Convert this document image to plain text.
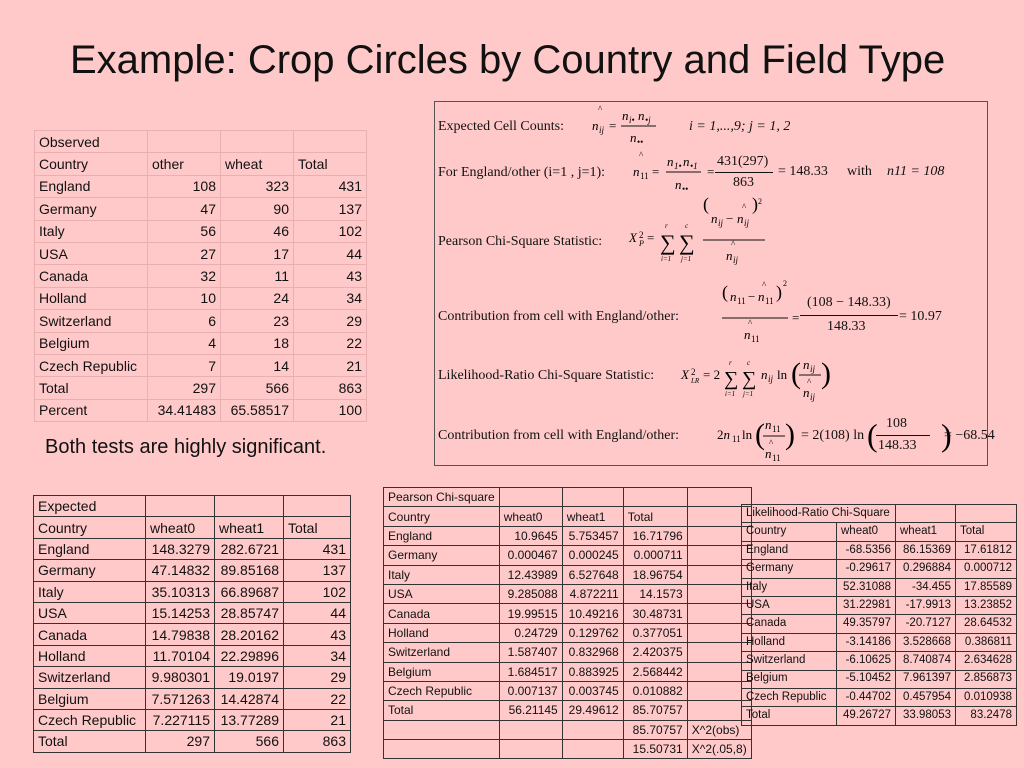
Example: Crop Circles by Country and Field Type
Observed			
Country	other	wheat	Total
England	108	323	431
Germany	47	90	137
Italy	56	46	102
USA	27	17	44
Canada	32	11	43
Holland	10	24	34
Switzerland	6	23	29
Belgium	4	18	22
Czech Republic	7	14	21
Total	297	566	863
Percent	34.41483	65.58517	100
Both tests are highly significant.
Expected Cell Counts:
^
n ij =
n i• n •j
n ••
i = 1,...,9; j = 1, 2
For England/other (i=1 , j=1):
^
n 11 =
n 1• n •1
n ••
=
431(297)
863
= 148.33 with n11 = 108
Pearson Chi-Square Statistic: X 2
P = ∑
r
i=1
∑
c
j=1
(
n ij −
^
n ij
) 2
^
n ij
Contribution from cell with England/other:
( n 11 −
^
n 11 ) 2
^
n 11
=
(108 − 148.33)
148.33
= 10.97
Likelihood-Ratio Chi-Square Statistic: X 2
LR = 2 ∑
r
i=1
∑
c
j=1
n ij ln ( n ij
^
n ij
)
Contribution from cell with England/other:	2n 11 ln ( n 11
^
n 11
) = 2(108) ln ( )
108
148.33
= −68.54
Expected			
Country	wheat0	wheat1	Total
England	148.3279	282.6721	431
Germany	47.14832	89.85168	137
Italy	35.10313	66.89687	102
USA	15.14253	28.85747	44
Canada	14.79838	28.20162	43
Holland	11.70104	22.29896	34
Switzerland	9.980301	19.0197	29
Belgium	7.571263	14.42874	22
Czech Republic	7.227115	13.77289	21
Total	297	566	863
Pearson Chi-square				
Country	wheat0	wheat1	Total	
England	10.9645	5.753457	16.71796	
Germany	0.000467	0.000245	0.000711	
Italy	12.43989	6.527648	18.96754	
USA	9.285088	4.872211	14.1573	
Canada	19.99515	10.49216	30.48731	
Holland	0.24729	0.129762	0.377051	
Switzerland	1.587407	0.832968	2.420375	
Belgium	1.684517	0.883925	2.568442	
Czech Republic	0.007137	0.003745	0.010882	
Total	56.21145	29.49612	85.70757	
			85.70757	X^2(obs)
			15.50731	X^2(.05,8)
Likelihood-Ratio Chi-Square			
Country	wheat0	wheat1	Total
England	-68.5356	86.15369	17.61812
Germany	-0.29617	0.296884	0.000712
Italy	52.31088	-34.455	17.85589
USA	31.22981	-17.9913	13.23852
Canada	49.35797	-20.7127	28.64532
Holland	-3.14186	3.528668	0.386811
Switzerland	-6.10625	8.740874	2.634628
Belgium	-5.10452	7.961397	2.856873
Czech Republic	-0.44702	0.457954	0.010938
Total	49.26727	33.98053	83.2478
